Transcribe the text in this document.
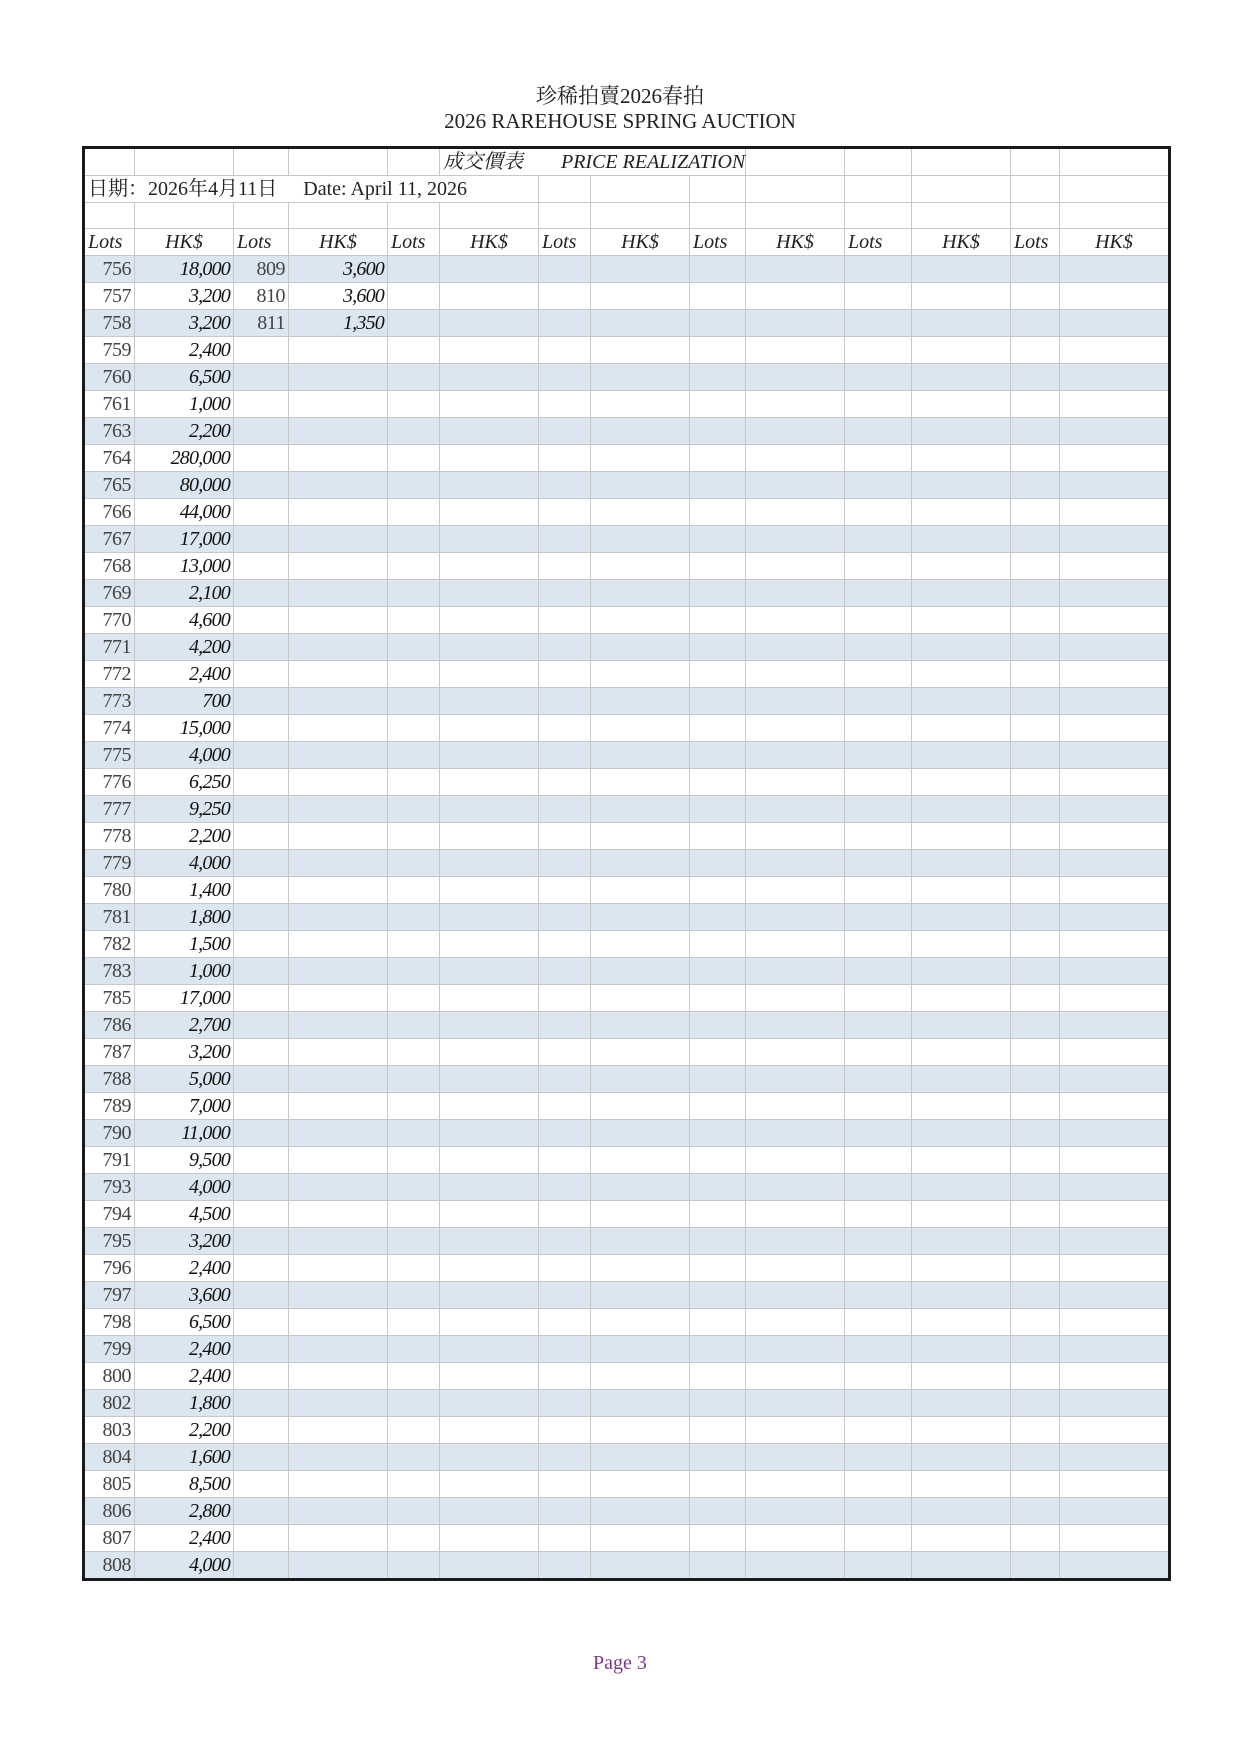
珍稀拍賣2026春拍
2026 RAREHOUSE SPRING AUCTION
					成交價表 PRICE REALIZATION								
日期：2026年4月11日 Date: April 11, 2026													

Lots	HK$	Lots	HK$	Lots	HK$	Lots	HK$	Lots	HK$	Lots	HK$	Lots	HK$
756	18,000	809	3,600										
757	3,200	810	3,600										
758	3,200	811	1,350										
759	2,400												
760	6,500												
761	1,000												
763	2,200												
764	280,000												
765	80,000												
766	44,000												
767	17,000												
768	13,000												
769	2,100												
770	4,600												
771	4,200												
772	2,400												
773	700												
774	15,000												
775	4,000												
776	6,250												
777	9,250												
778	2,200												
779	4,000												
780	1,400												
781	1,800												
782	1,500												
783	1,000												
785	17,000												
786	2,700												
787	3,200												
788	5,000												
789	7,000												
790	11,000												
791	9,500												
793	4,000												
794	4,500												
795	3,200												
796	2,400												
797	3,600												
798	6,500												
799	2,400												
800	2,400												
802	1,800												
803	2,200												
804	1,600												
805	8,500												
806	2,800												
807	2,400												
808	4,000												
Page 3
